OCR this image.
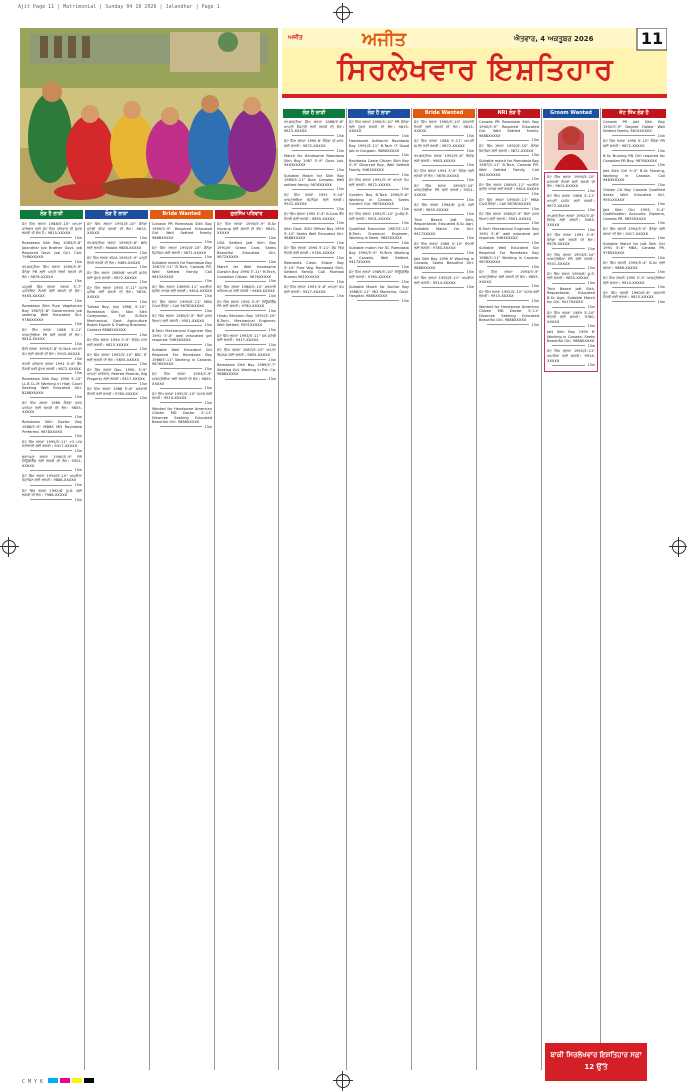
Ajit Page 11 | Matrimonial | Sunday 04 10 2026 | Jalandhar | Page 1
ਅਜੀਤ	ਅਜੀਤ	ਐਤਵਾਰ, 4 ਅਕਤੂਬਰ 2026	11
ਸਿਰਲੇਖਵਾਰ ਇਸ਼ਤਿਹਾਰ
ਲੋੜ ਹੈ ਲਾੜੀ	ਲੋੜ ਹੈ ਲਾੜਾ	Bride Wanted	ਗੁਰਸਿੱਖ ਪਰਿਵਾਰ
ਜੱਟ ਸਿੱਖ ਲੜਕਾ 1988/5'-10" ਆਪਣਾ ਕਾਰੋਬਾਰ ਲਈ ਜੱਟ ਸਿੱਖ ਪਰਿਵਾਰ ਦੀ ਸੁੰਦਰ ਲੜਕੀ ਦੀ ਲੋੜ ਹੈ। 9815-XXXXX
15w
Ramdasia Sikh Boy 1985/5'-8" Jalandhar Job Brother Govt. Job Required Govt. Job Girl. Call: 7986XXXXX
15w
ਰਾਮਗੜ੍ਹੀਆ ਸਿੱਖ ਲੜਕਾ 1990/5'-9" ਕੈਨੇਡਾ PR ਲਈ ਪੜ੍ਹੀ ਲਿਖੀ ਲੜਕੀ ਦੀ ਲੋੜ। 9876-XXXXX
15w
ਮਜ਼੍ਹਬੀ ਸਿੱਖ ਲੜਕਾ 1992 5'-7" ਪ੍ਰਾਈਵੇਟ ਨੌਕਰੀ ਲਈ ਲੜਕੀ ਦੀ ਲੋੜ। 9463-XXXXX
15w
Ramdasia Sikh Pure Vegetarian Boy 1987/5'-8" Government job seeking Well Educated Girl. 9780XXXXX
15w
ਜੱਟ ਸਿੱਖ ਲੜਕਾ 1986 5'-11" ਆਸਟ੍ਰੇਲੀਆ PR ਲਈ ਲੜਕੀ ਦੀ ਲੋੜ। 9814-XXXXX
15w
ਸੈਣੀ ਲੜਕਾ 1993/5'-8" B.Tech ਆਪਣਾ ਕੰਮ ਲਈ ਲੜਕੀ ਦੀ ਲੋੜ। 9915-XXXXX
15w
ਖੱਤਰੀ ਪਰਿਵਾਰ ਲੜਕਾ 1991 5'-6" ਬੈਂਕ ਨੌਕਰੀ ਲਈ ਸੁੰਦਰ ਲੜਕੀ। 9872-XXXXX
15w
Ramdasia Sikh Boy 1990 5'-10" LL.B LL.M Working in High Court Seeking Well Educated Girl. 8288XXXXX
15w
ਜੱਟ ਸਿੱਖ ਲੜਕਾ 1989 ਕੈਨੇਡਾ ਵਰਕ ਪਰਮਿਟ ਲਈ ਲੜਕੀ ਦੀ ਲੋੜ। 9855-XXXXX
15w
Ramdasia Sikh Doctor Boy 1988/5'-9" MBBS MD Ravidasia Preferred. 9878XXXXX
15w
ਜੱਟ ਸਿੱਖ ਲੜਕਾ 1995/5'-11" +2 ਪਾਸ ਖੇਤੀਬਾੜੀ ਲਈ ਲੜਕੀ। 9417-XXXXX
15w
ਬ੍ਰਾਹਮਣ ਲੜਕਾ 1990/5'-9" PR ਨਿਊਜ਼ੀਲੈਂਡ ਲਈ ਲੜਕੀ ਦੀ ਲੋੜ। 9501-XXXXX
15w
ਜੱਟ ਸਿੱਖ ਲੜਕਾ 1994/5'-10" ਅਮਰੀਕਾ ਸਿਟੀਜ਼ਨ ਲਈ ਲੜਕੀ। 9888-XXXXX
15w
ਜੱਟ ਸਿੱਖ ਲੜਕਾ 1992/6' ਯੂ.ਕੇ. ਲਈ ਲੜਕੀ ਦੀ ਲੋੜ। 7986-XXXXX
15w
ਜੱਟ ਸਿੱਖ ਲੜਕਾ 1991/5'-10" ਕੈਨੇਡਾ ਸਟੱਡੀ ਵੀਜ਼ਾ ਲੜਕੀ ਦੀ ਲੋੜ। 9815-XXXXX
15w
ਰਾਮਗੜ੍ਹੀਆ ਲੜਕਾ 1990/5'-8" NRI ਲਈ ਲੜਕੀ। Mobile 9888-XXXXX
15w
ਜੱਟ ਸਿੱਖ ਲੜਕਾ MCA 1991/5'-9" ਪੜ੍ਹੀ ਲਿਖੀ ਲੜਕੀ ਦੀ ਲੋੜ। 9465-XXXXX
15w
ਜੱਟ ਸਿੱਖ ਲੜਕਾ 1989/6' ਆਪਣੀ ਜ਼ਮੀਨ ਲਈ ਸੁੰਦਰ ਲੜਕੀ। 9872-XXXXX
15w
ਜੱਟ ਸਿੱਖ ਲੜਕਾ 1993 5'-11" ਪੰਜਾਬ ਪੁਲਿਸ ਲਈ ਲੜਕੀ ਦੀ ਲੋੜ। 9876-XXXXX
15w
Turban Boy, July 1986, 5'-10", Ramdasia Sikh, Non Sikh Companion, Full B.Tech Mechanical, Govt. Agriculture Board Export & Trading Business. Contact 98882XXXXX
15w
ਜੱਟ ਸਿੱਖ ਲੜਕਾ 1994 5'-9" ਵਿਦੇਸ਼ ਜਾਣ ਲਈ ਲੜਕੀ। 9815-XXXXX
15w
ਜੱਟ ਸਿੱਖ ਲੜਕਾ 1992/5'-10" BSC IT ਲਈ ਲੜਕੀ ਦੀ ਲੋੜ। 9855-XXXXX
15w
ਜੱਟ ਸਿੱਖ ਲੜਕਾ Dec. 1990, 5'-9" ਆਪਣਾ ਕਾਰੋਬਾਰ, Retired Parents, Big Property ਲਈ ਲੜਕੀ। 9417-XXXXX
15w
ਜੱਟ ਸਿੱਖ ਲੜਕਾ 1988 5'-8" ਸਰਕਾਰੀ ਨੌਕਰੀ ਲਈ ਲੜਕੀ। 9780-XXXXX
15w
Canada PR Ramdasia Sikh Boy 1990/5'-9" Required Educated Girl. Well Settled Family. 9888XXXXX
15w
ਜੱਟ ਸਿੱਖ ਲੜਕਾ 1992/5'-10" ਕੈਨੇਡਾ ਸਿਟੀਜ਼ਨ ਲਈ ਲੜਕੀ। 9872-XXXXX
15w
Suitable match for Ramdasia Boy 1987/5'-11" B.Tech, Canada PR, Well Settled Family. Call 9815XXXXX
15w
ਜੱਟ ਸਿੱਖ ਲੜਕਾ 1989/5'-11" ਅਮਰੀਕਾ ਗ੍ਰੀਨ ਕਾਰਡ ਲਈ ਲੜਕੀ। 9814-XXXXX
15w
ਜੱਟ ਸਿੱਖ ਲੜਕਾ 1990/5'-11" MBA Civil ਕੈਨੇਡਾ। Call 98780XXXXX
15w
ਜੱਟ ਸਿੱਖ ਲੜਕਾ 1985/5'-9" ਬਿਨਾਂ ਸ਼ਰਤ ਵਿਆਹ ਲਈ ਲੜਕੀ। 9501-XXXXX
15w
B.Tech Mechanical Engineer Boy 1991 5'-8" well educated girl required. 9463XXXXX
15w
Suitable Well Educated Girl Required For Ramdasia Boy 1986/5'-11" Working in Canada. 9876XXXXX
15w
ਜੱਟ ਸਿੱਖ ਲੜਕਾ 1993/5'-9" ਆਸਟ੍ਰੇਲੀਆ ਲਈ ਲੜਕੀ ਦੀ ਲੋੜ। 9855-XXXXX
15w
ਜੱਟ ਸਿੱਖ ਲੜਕਾ 1992/5'-10" ਪੰਜਾਬ ਲਈ ਲੜਕੀ। 9915-XXXXX
15w
Wanted for Handsome American Citizen MD Doctor 5'-11" Divorcee Seeking Educated Beautiful Girl. 9888XXXXX
15w
ਜੱਟ ਸਿੱਖ ਲੜਕਾ 1990/5'-9" B.Sc Nursing ਲਈ ਲੜਕੀ ਦੀ ਲੋੜ। 9815-XXXXX
15w
USA Settled Jatt Sikh Boy 1991/6' Green Card, Seeks Beautiful Educated Girl. 9872XXXXX
15w
Match for Well Handsome Gursikh Boy 1990 5'-11" M.Tech, Canadian Citizen. 9876XXXXX
15w
ਜੱਟ ਸਿੱਖ ਲੜਕਾ 1988/5'-10" ਸਰਕਾਰੀ ਅਧਿਆਪਕ ਲਈ ਲੜਕੀ। 9463-XXXXX
15w
ਜੱਟ ਸਿੱਖ ਲੜਕਾ 1992 5'-9" ਨਿਊਜ਼ੀਲੈਂਡ PR ਲਈ ਲੜਕੀ। 9780-XXXXX
15w
Hindu Bhramin Boy 1991/5'-10" B.Tech, Mechanical Engineer. Well Settled. 9501XXXXX
15w
ਜੱਟ ਸਿੱਖ ਲੜਕਾ 1993/5'-11" UK ਸਟੱਡੀ ਲਈ ਲੜਕੀ। 9417-XXXXX
15w
ਜੱਟ ਸਿੱਖ ਲੜਕਾ 1987/5'-10" ਆਪਣਾ ਬਿਜ਼ਨਸ ਲਈ ਲੜਕੀ। 9855-XXXXX
15w
Ramdasia Sikh Boy 1989/5'-7" Seeking Girl, Working in Pvt. Co. 9888XXXXX
15w
ਲੋੜ ਹੈ ਲਾੜੀ
ਰਾਮਗੜ੍ਹੀਆ ਸਿੱਖ ਲੜਕਾ 1988/5'-8" ਆਪਣੀ ਫੈਕਟਰੀ ਲਈ ਲੜਕੀ ਦੀ ਲੋੜ। 9815-XXXXX
15w
ਜੱਟ ਸਿੱਖ ਲੜਕਾ 1990 6' ਕੈਨੇਡਾ ਪੀ.ਆਰ. ਲਈ ਲੜਕੀ। 9872-XXXXX
15w
Match for Handsome Ramdasia Sikh Boy 1987 5'-9" Govt. Job. 9463XXXXX
15w
Suitable Match for Sikh Boy 1989/5'-11" Born Canada, Well settled family. 9876XXXXX
15w
ਜੱਟ ਸਿੱਖ ਲੜਕਾ 1991 5'-10" ਆਸਟ੍ਰੇਲੀਆ ਸਿਟੀਜ਼ਨ ਲਈ ਲੜਕੀ। 9501-XXXXX
15w
ਜੱਟ ਸਿੱਖ ਲੜਕਾ 1992 5'-9" B.Com ਬੈਂਕ ਨੌਕਰੀ ਲਈ ਲੜਕੀ। 9855-XXXXX
15w
Sikh Govt. SDO Officer Boy 1990 5'-10" Seeks Well Educated Girl. 9888XXXXX
15w
ਜੱਟ ਸਿੱਖ ਲੜਕਾ 1994 5'-11" ਫੌਜ ਵਿੱਚ ਨੌਕਰੀ ਲਈ ਲੜਕੀ। 9780-XXXXX
15w
Residents Clean Shave Boy 5'-10" Pure Veg. Ramdasia Sikh, Settled Family. Call Mumbai Bureau 9815XXXXX
15w
ਜੱਟ ਸਿੱਖ ਲੜਕਾ 1993 5'-8" ਆਪਣਾ ਕੰਮ ਲਈ ਲੜਕੀ। 9417-XXXXX
15w
ਲੋੜ ਹੈ ਲਾੜਾ
ਜੱਟ ਸਿੱਖ ਲੜਕਾ 1990/5'-10" PR ਕੈਨੇਡਾ ਲਈ ਸੁੰਦਰ ਲੜਕੀ ਦੀ ਲੋੜ। 9815-XXXXX
15w
Handsome Adhiarmi Ravidasia Boy 1991/5'-11" B.Tech IT Good Job in Gurgaon. 9888XXXXX
15w
Ravidasia Caste Citizen Sikh Boy 5'-9" Divorced Boy, Well Settled Family. 9463XXXXX
15w
ਜੱਟ ਸਿੱਖ ਲੜਕਾ 1991/5'-9" ਆਪਣਾ ਕੰਮ ਲਈ ਲੜਕੀ। 9872-XXXXX
15w
Gursikh Boy B.Tech 1990/5'-8" Working in Canada, Seeks Gursikh Girl. 9876XXXXX
15w
ਜੱਟ ਸਿੱਖ ਲੜਕਾ 1992/5'-10" ਯੂ.ਐਸ.ਏ. ਲਈ ਲੜਕੀ। 9501-XXXXX
15w
Qualified Executive 1987/5'-11" B.Tech Chemical Engineer, Working in Bank. 9855XXXXX
15w
Suitable match for SC Ramdasia Boy 1990/5'-9" M.Tech Working in Canada, Well Settled. 9417XXXXX
15w
ਜੱਟ ਸਿੱਖ ਲੜਕਾ 1989/5'-10" ਨਿਊਜ਼ੀਲੈਂਡ ਲਈ ਲੜਕੀ। 9780-XXXXX
15w
Suitable Match for Doctor Boy 1988/5'-11" MD Medicine, Govt. Hospital. 9888XXXXX
15w
Bride Wanted
ਜੱਟ ਸਿੱਖ ਲੜਕਾ 1990/5'-10" ਸਰਕਾਰੀ ਨੌਕਰੀ ਲਈ ਲੜਕੀ ਦੀ ਲੋੜ। 9815-XXXXX
15w
ਜੱਟ ਸਿੱਖ ਲੜਕਾ 1988 5'-11" ਆਪਣੀ ਜ਼ਮੀਨ ਲਈ ਲੜਕੀ। 9872-XXXXX
15w
ਰਾਮਗੜ੍ਹੀਆ ਲੜਕਾ 1992/5'-8" ਵਿਦੇਸ਼ ਲਈ ਲੜਕੀ। 9463-XXXXX
15w
ਜੱਟ ਸਿੱਖ ਲੜਕਾ 1991 5'-9" ਕੈਨੇਡਾ ਲਈ ਲੜਕੀ ਦੀ ਲੋੜ। 9876-XXXXX
15w
ਜੱਟ ਸਿੱਖ ਲੜਕਾ 1993/5'-10" ਆਸਟ੍ਰੇਲੀਆ PR ਲਈ ਲੜਕੀ। 9501-XXXXX
15w
ਜੱਟ ਸਿੱਖ ਲੜਕਾ 1994/6' ਯੂ.ਕੇ. ਲਈ ਲੜਕੀ। 9855-XXXXX
15w
Trick Based Jatt Sikh, Respectable, Educated B.Sc Agri, Suitable Match for Girl. 9417XXXXX
15w
ਜੱਟ ਸਿੱਖ ਲੜਕਾ 1989 5'-10" ਇਟਲੀ ਲਈ ਲੜਕੀ। 9780-XXXXX
15w
Jatt Sikh Boy 1990 6' Working in Canada, Seeks Beautiful Girl. 9888XXXXX
15w
ਜੱਟ ਸਿੱਖ ਲੜਕਾ 1992/5'-11" ਅਮਰੀਕਾ ਲਈ ਲੜਕੀ। 9914-XXXXX
15w
NRI ਲੋੜ ਹੈ
Canada PR Ramdasia Sikh Boy 1990/5'-9" Required Educated Girl. Well Settled Family. 9888XXXXX
15w
ਜੱਟ ਸਿੱਖ ਲੜਕਾ 1992/5'-10" ਕੈਨੇਡਾ ਸਿਟੀਜ਼ਨ ਲਈ ਲੜਕੀ। 9872-XXXXX
15w
Suitable match for Ramdasia Boy 1987/5'-11" B.Tech, Canada PR, Well Settled Family. Call 9815XXXXX
15w
ਜੱਟ ਸਿੱਖ ਲੜਕਾ 1989/5'-11" ਅਮਰੀਕਾ ਗ੍ਰੀਨ ਕਾਰਡ ਲਈ ਲੜਕੀ। 9814-XXXXX
15w
ਜੱਟ ਸਿੱਖ ਲੜਕਾ 1990/5'-11" MBA Civil ਕੈਨੇਡਾ। Call 98780XXXXX
15w
ਜੱਟ ਸਿੱਖ ਲੜਕਾ 1985/5'-9" ਬਿਨਾਂ ਸ਼ਰਤ ਵਿਆਹ ਲਈ ਲੜਕੀ। 9501-XXXXX
15w
B.Tech Mechanical Engineer Boy 1991 5'-8" well educated girl required. 9463XXXXX
15w
Suitable Well Educated Girl Required For Ramdasia Boy 1986/5'-11" Working in Canada. 9876XXXXX
15w
ਜੱਟ ਸਿੱਖ ਲੜਕਾ 1993/5'-9" ਆਸਟ੍ਰੇਲੀਆ ਲਈ ਲੜਕੀ ਦੀ ਲੋੜ। 9855-XXXXX
15w
ਜੱਟ ਸਿੱਖ ਲੜਕਾ 1992/5'-10" ਪੰਜਾਬ ਲਈ ਲੜਕੀ। 9915-XXXXX
15w
Wanted for Handsome American Citizen MD Doctor 5'-11" Divorcee Seeking Educated Beautiful Girl. 9888XXXXX
15w
Groom Wanted
ਜੱਟ ਸਿੱਖ ਲੜਕਾ 1990/5'-10" ਸਰਕਾਰੀ ਨੌਕਰੀ ਲਈ ਲੜਕੀ ਦੀ ਲੋੜ। 9815-XXXXX
15w
ਜੱਟ ਸਿੱਖ ਲੜਕਾ 1988 5'-11" ਆਪਣੀ ਜ਼ਮੀਨ ਲਈ ਲੜਕੀ। 9872-XXXXX
15w
ਰਾਮਗੜ੍ਹੀਆ ਲੜਕਾ 1992/5'-8" ਵਿਦੇਸ਼ ਲਈ ਲੜਕੀ। 9463-XXXXX
15w
ਜੱਟ ਸਿੱਖ ਲੜਕਾ 1991 5'-9" ਕੈਨੇਡਾ ਲਈ ਲੜਕੀ ਦੀ ਲੋੜ। 9876-XXXXX
15w
ਜੱਟ ਸਿੱਖ ਲੜਕਾ 1993/5'-10" ਆਸਟ੍ਰੇਲੀਆ PR ਲਈ ਲੜਕੀ। 9501-XXXXX
15w
ਜੱਟ ਸਿੱਖ ਲੜਕਾ 1994/6' ਯੂ.ਕੇ. ਲਈ ਲੜਕੀ। 9855-XXXXX
15w
Trick Based Jatt Sikh, Respectable, Educated B.Sc Agri, Suitable Match for Girl. 9417XXXXX
15w
ਜੱਟ ਸਿੱਖ ਲੜਕਾ 1989 5'-10" ਇਟਲੀ ਲਈ ਲੜਕੀ। 9780-XXXXX
15w
Jatt Sikh Boy 1990 6' Working in Canada, Seeks Beautiful Girl. 9888XXXXX
15w
ਜੱਟ ਸਿੱਖ ਲੜਕਾ 1992/5'-11" ਅਮਰੀਕਾ ਲਈ ਲੜਕੀ। 9914-XXXXX
15w
ਜੱਟ ਸਿੱਖ ਲੋੜ ਹੈ
Canada PR Jatt Sikh Boy 1992/5'-9" Degree Holder Well Settled Family. 9815XXXXX
15w
ਜੱਟ ਸਿੱਖ ਲੜਕਾ 1990 5'-10" ਕੈਨੇਡਾ PR ਲਈ ਲੜਕੀ। 9872-XXXXX
15w
B.Sc Nursing RN Girl required for Canadian PR Boy. 9876XXXXX
15w
Jatt Sikh Girl 5'-5" B.Sc Nursing, Working in Canada. Call 9463XXXXX
15w
Citizen CA Boy Canada Qualified Seeks Well Educated Girl. 9501XXXXX
15w
Jatt Sikh Girl 1993, 5'-4" Qualification Accounts Diploma, Canada PR. 9855XXXXX
15w
ਜੱਟ ਸਿੱਖ ਲੜਕੀ 1994/5'-5" ਕੈਨੇਡਾ ਲਈ ਲੜਕਾ ਦੀ ਲੋੜ। 9417-XXXXX
15w
Suitable Match for Jatt Sikh Girl 1991 5'-6" MBA, Canada PR. 9780XXXXX
15w
ਜੱਟ ਸਿੱਖ ਲੜਕੀ 1995/5'-4" B.Sc ਲਈ ਲੜਕਾ। 9888-XXXXX
15w
ਜੱਟ ਸਿੱਖ ਲੜਕੀ 1992 5'-5" ਆਸਟ੍ਰੇਲੀਆ ਲਈ ਲੜਕਾ। 9914-XXXXX
15w
ਜੱਟ ਸਿੱਖ ਲੜਕੀ 1990/5'-6" ਸਰਕਾਰੀ ਨੌਕਰੀ ਲਈ ਲੜਕਾ। 9815-XXXXX
15w
ਬਾਕੀ ਸਿਰਲੇਖਵਾਰ ਇਸ਼ਤਿਹਾਰ ਸਫ਼ਾ 12 ਉੱਤੇ
C M Y K
